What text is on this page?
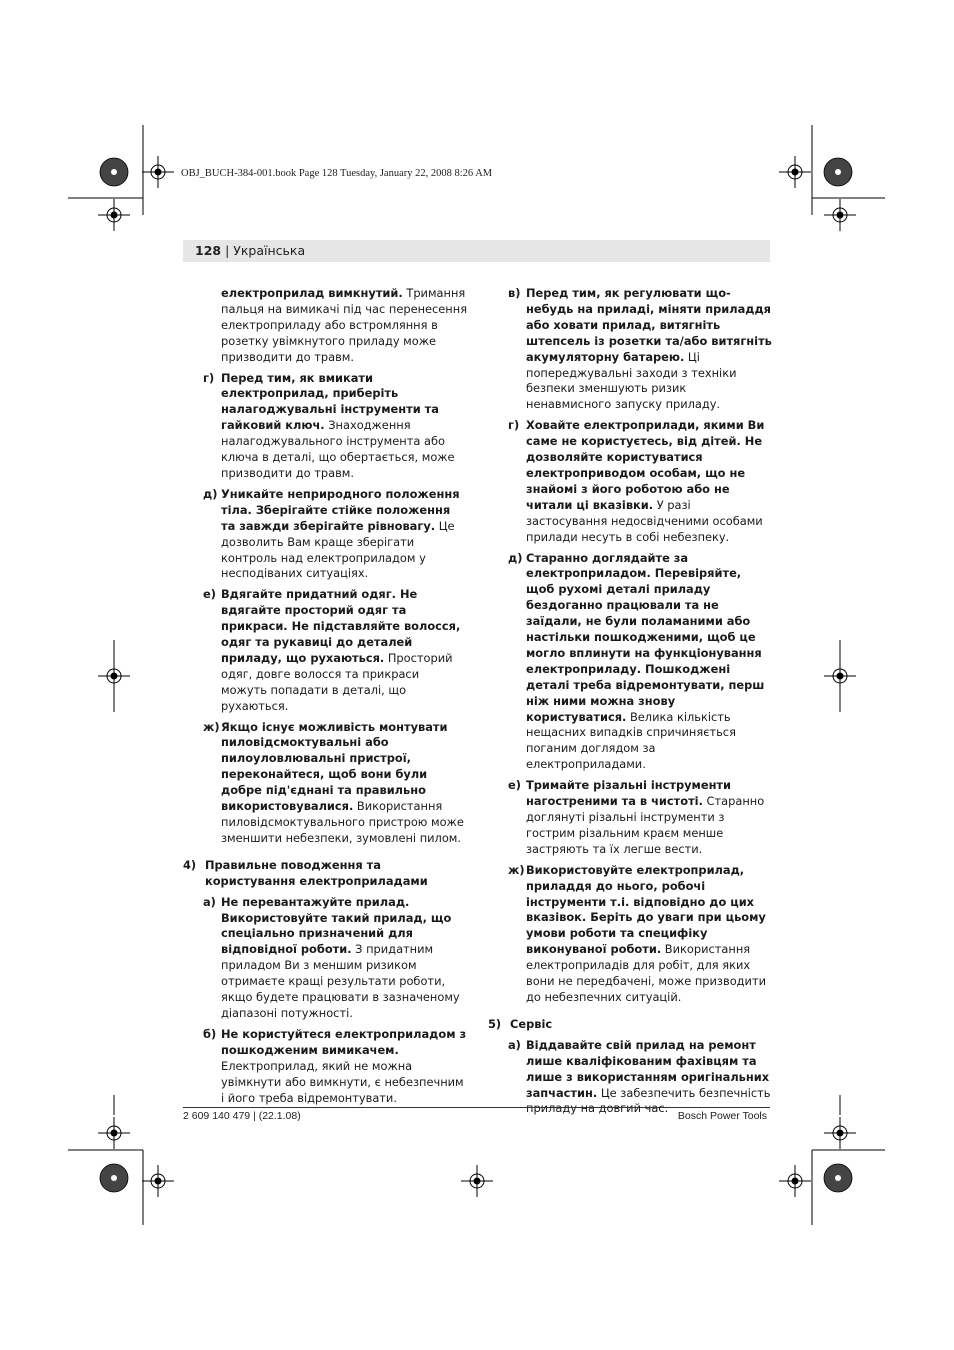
OBJ_BUCH-384-001.book Page 128 Tuesday, January 22, 2008 8:26 AM
128 | Українська
електроприлад вимкнутий. Тримання пальця на вимикачі під час перенесення електроприладу або встромляння в розетку увімкнутого приладу може призводити до травм.
г) Перед тим, як вмикати електроприлад, приберіть налагоджувальні інструменти та гайковий ключ. Знаходження налагоджувального інструмента або ключа в деталі, що обертається, може призводити до травм.
д) Уникайте неприродного положення тіла. Зберігайте стійке положення та завжди зберігайте рівновагу. Це дозволить Вам краще зберігати контроль над електроприладом у несподіваних ситуаціях.
е) Вдягайте придатний одяг. Не вдягайте просторий одяг та прикраси. Не підставляйте волосся, одяг та рукавиці до деталей приладу, що рухаються. Просторий одяг, довге волосся та прикраси можуть попадати в деталі, що рухаються.
ж) Якщо існує можливість монтувати пиловідсмоктувальні або пилоуловлювальні пристрої, переконайтеся, щоб вони були добре під'єднані та правильно використовувалися. Використання пиловідсмоктувального пристрою може зменшити небезпеки, зумовлені пилом.
4) Правильне поводження та користування електроприладами
а) Не перевантажуйте прилад. Використовуйте такий прилад, що спеціально призначений для відповідної роботи. З придатним приладом Ви з меншим ризиком отримаєте кращі результати роботи, якщо будете працювати в зазначеному діапазоні потужності.
б) Не користуйтеся електроприладом з пошкодженим вимикачем. Електроприлад, який не можна увімкнути або вимкнути, є небезпечним і його треба відремонтувати.
в) Перед тим, як регулювати що-небудь на приладі, міняти приладдя або ховати прилад, витягніть штепсель із розетки та/або витягніть акумуляторну батарею. Ці попереджувальні заходи з техніки безпеки зменшують ризик ненавмисного запуску приладу.
г) Ховайте електроприлади, якими Ви саме не користуєтесь, від дітей. Не дозволяйте користуватися електроприводом особам, що не знайомі з його роботою або не читали ці вказівки. У разі застосування недосвідченими особами прилади несуть в собі небезпеку.
д) Старанно доглядайте за електроприладом. Перевіряйте, щоб рухомі деталі приладу бездоганно працювали та не заїдали, не були поламаними або настільки пошкодженими, щоб це могло вплинути на функціонування електроприладу. Пошкоджені деталі треба відремонтувати, перш ніж ними можна знову користуватися. Велика кількість нещасних випадків спричиняється поганим доглядом за електроприладами.
е) Тримайте різальні інструменти нагостреними та в чистоті. Старанно доглянуті різальні інструменти з гострим різальним краєм менше застряють та їх легше вести.
ж) Використовуйте електроприлад, приладдя до нього, робочі інструменти т.і. відповідно до цих вказівок. Беріть до уваги при цьому умови роботи та специфіку виконуваної роботи. Використання електроприладів для робіт, для яких вони не передбачені, може призводити до небезпечних ситуацій.
5) Сервіс
а) Віддавайте свій прилад на ремонт лише кваліфікованим фахівцям та лише з використанням оригінальних запчастин. Це забезпечить безпечність приладу на довгий час.
2 609 140 479 | (22.1.08)	Bosch Power Tools
